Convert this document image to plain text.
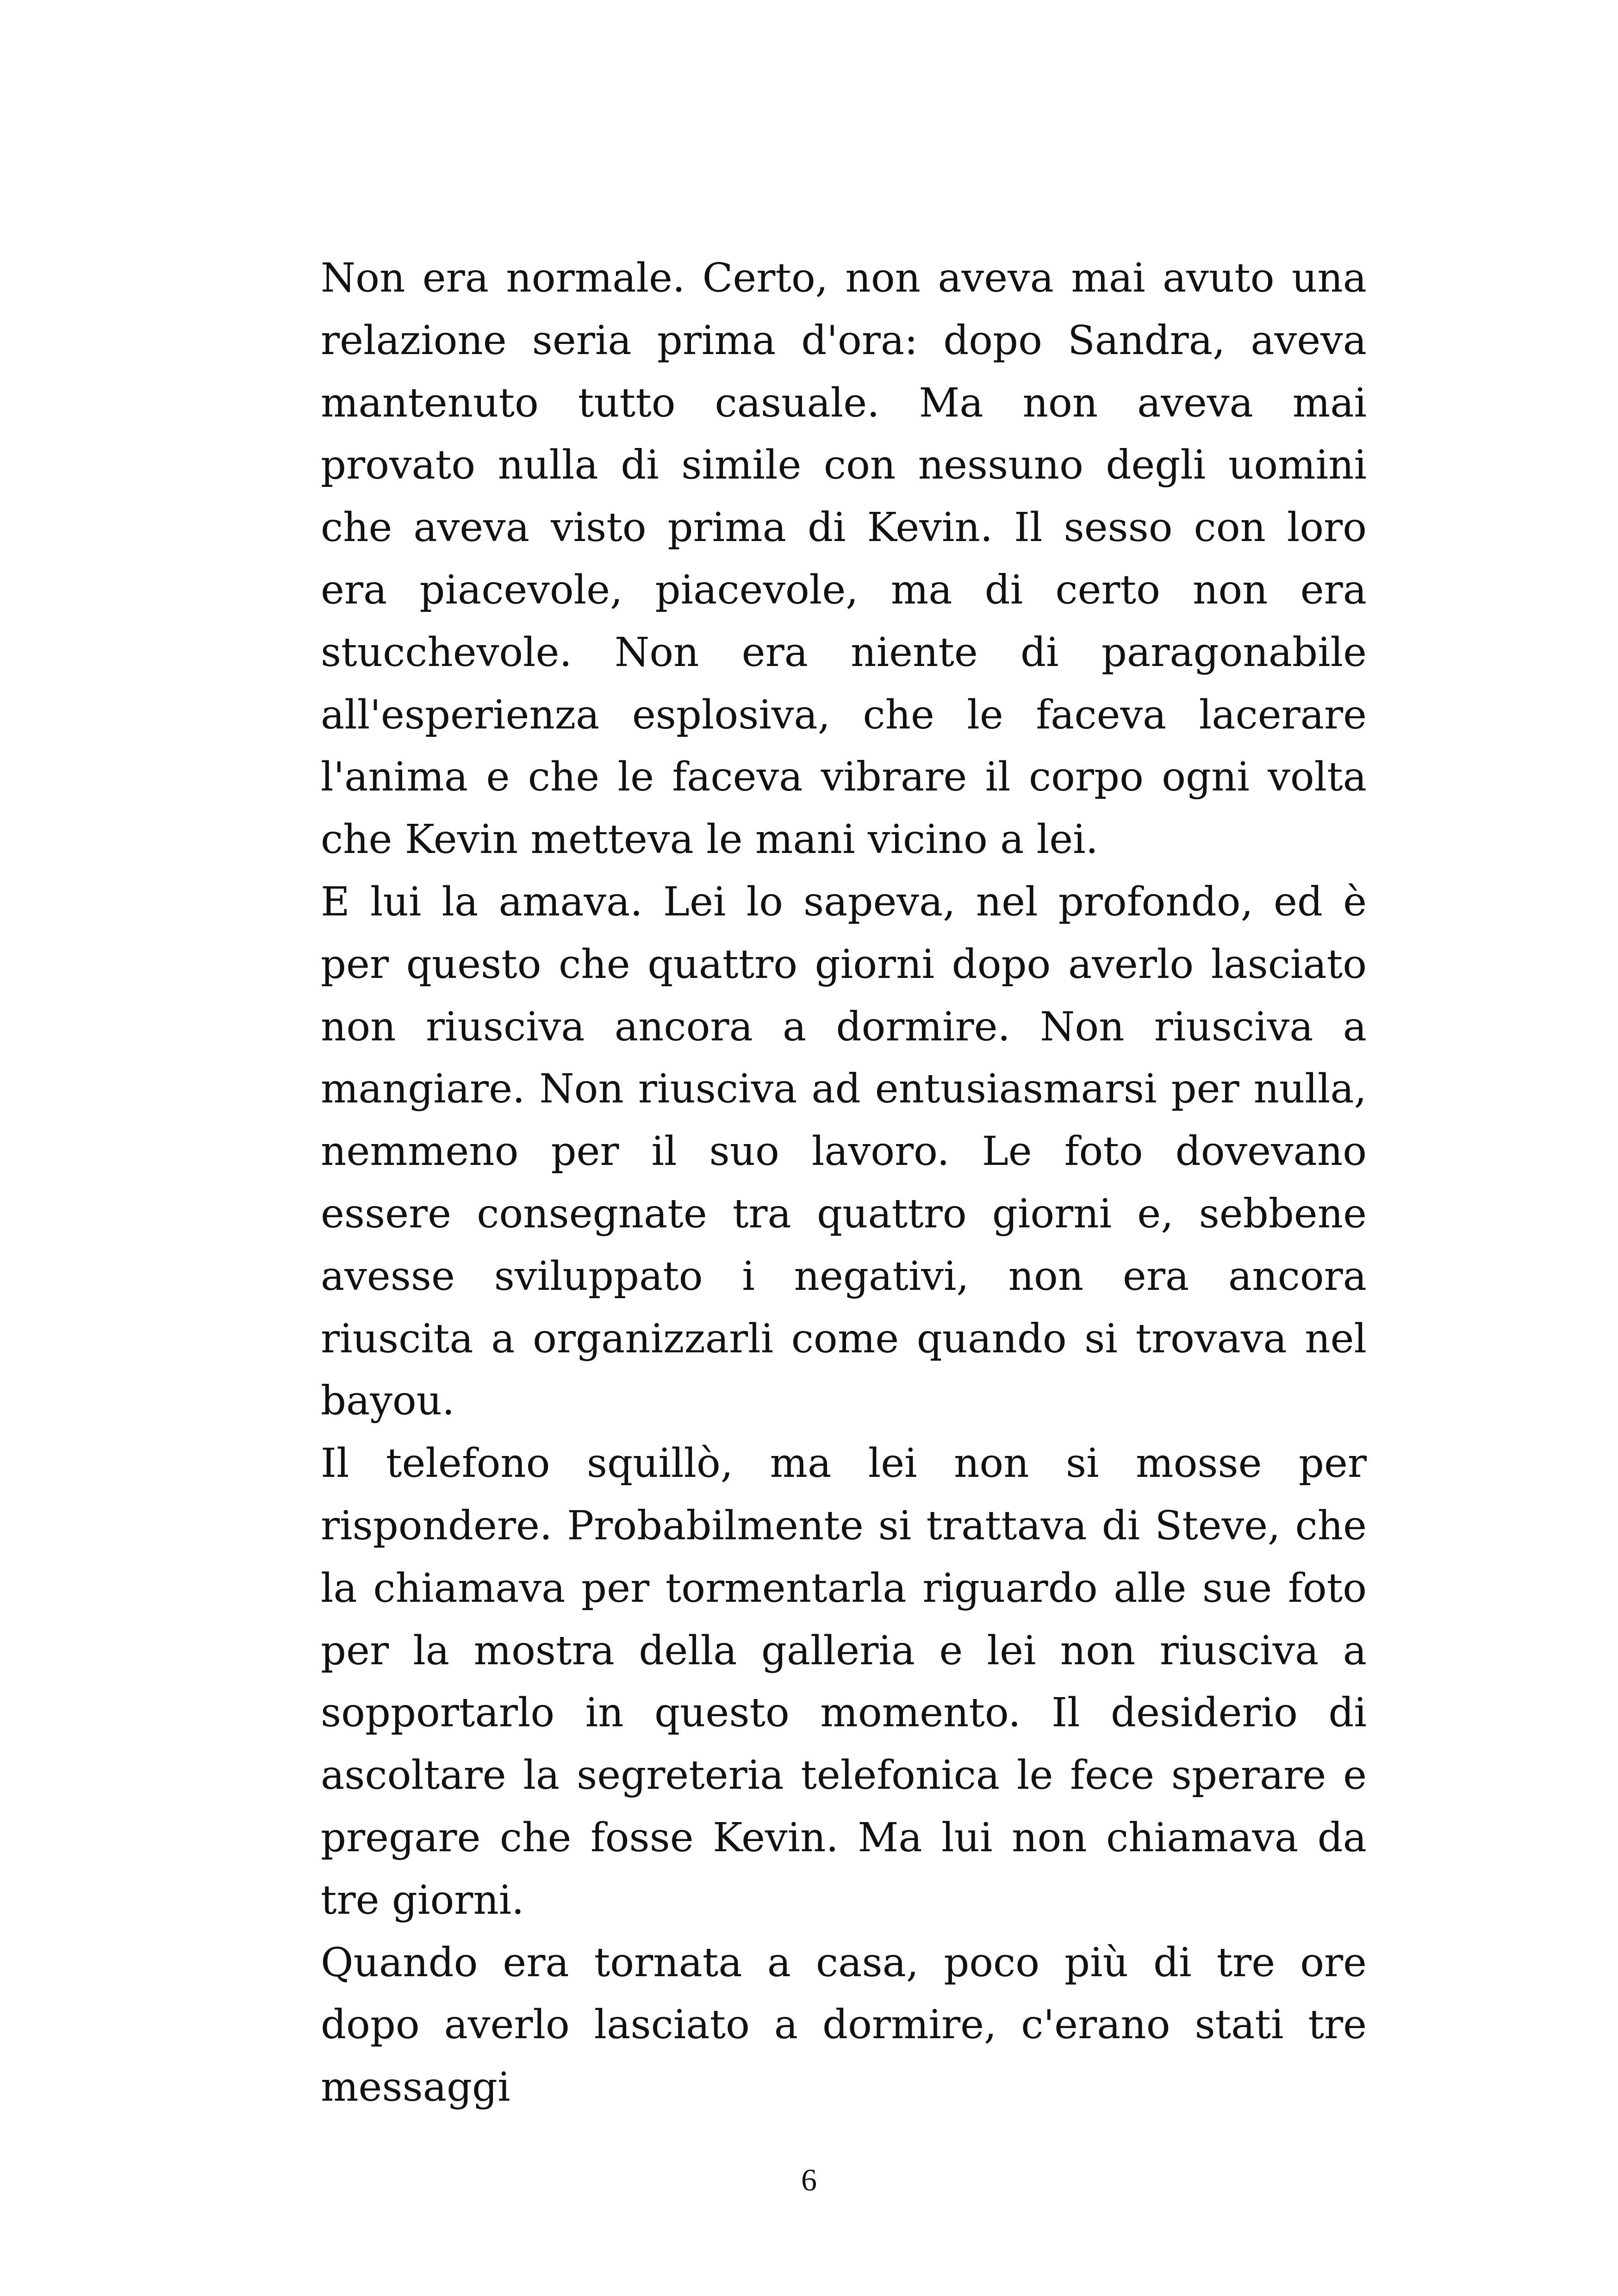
Non era normale. Certo, non aveva mai avuto una relazione seria prima d'ora: dopo Sandra, aveva mantenuto tutto casuale. Ma non aveva mai provato nulla di simile con nessuno degli uomini che aveva visto prima di Kevin. Il sesso con loro era piacevole, piacevole, ma di certo non era stucchevole. Non era niente di paragonabile all'esperienza esplosiva, che le faceva lacerare l'anima e che le faceva vibrare il corpo ogni volta che Kevin metteva le mani vicino a lei.

E lui la amava. Lei lo sapeva, nel profondo, ed è per questo che quattro giorni dopo averlo lasciato non riusciva ancora a dormire. Non riusciva a mangiare. Non riusciva ad entusiasmarsi per nulla, nemmeno per il suo lavoro. Le foto dovevano essere consegnate tra quattro giorni e, sebbene avesse sviluppato i negativi, non era ancora riuscita a organizzarli come quando si trovava nel bayou.

Il telefono squillò, ma lei non si mosse per rispondere. Probabilmente si trattava di Steve, che la chiamava per tormentarla riguardo alle sue foto per la mostra della galleria e lei non riusciva a sopportarlo in questo momento. Il desiderio di ascoltare la segreteria telefonica le fece sperare e pregare che fosse Kevin. Ma lui non chiamava da tre giorni.

Quando era tornata a casa, poco più di tre ore dopo averlo lasciato a dormire, c'erano stati tre messaggi

6
